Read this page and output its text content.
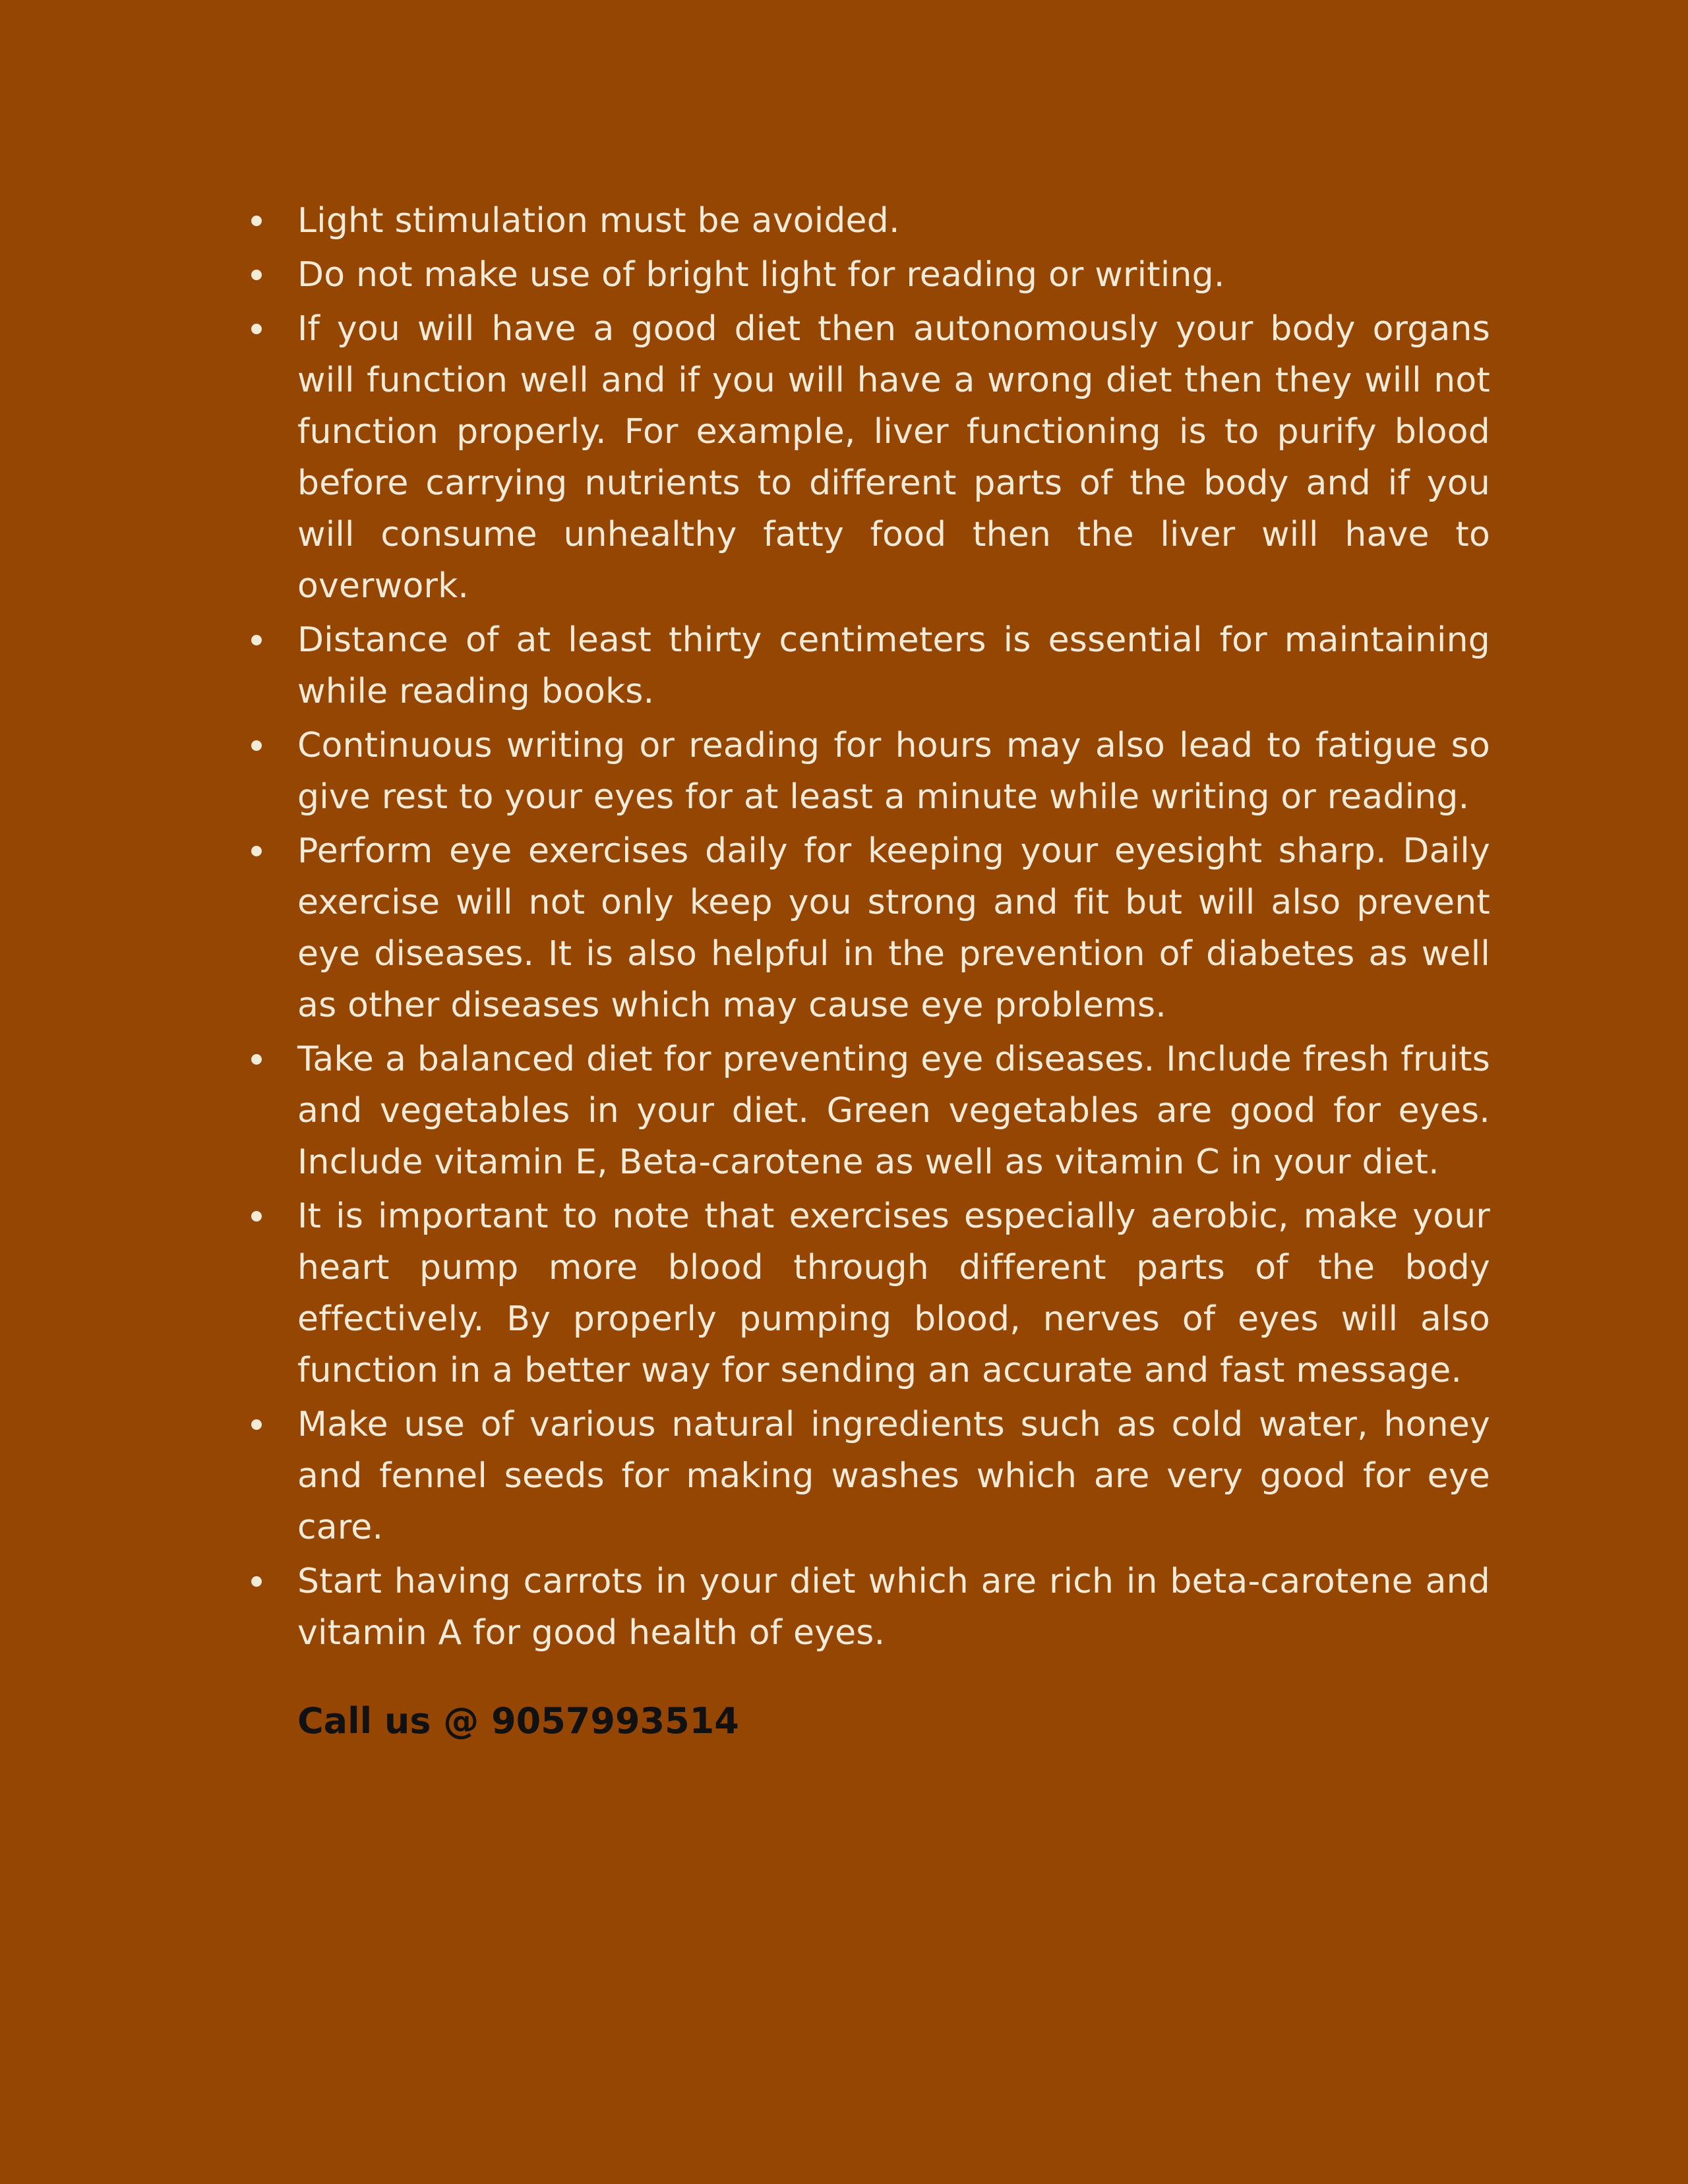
Light stimulation must be avoided.
Do not make use of bright light for reading or writing.
If you will have a good diet then autonomously your body organs will function well and if you will have a wrong diet then they will not function properly. For example, liver functioning is to purify blood before carrying nutrients to different parts of the body and if you will consume unhealthy fatty food then the liver will have to overwork.
Distance of at least thirty centimeters is essential for maintaining while reading books.
Continuous writing or reading for hours may also lead to fatigue so give rest to your eyes for at least a minute while writing or reading.
Perform eye exercises daily for keeping your eyesight sharp. Daily exercise will not only keep you strong and fit but will also prevent eye diseases. It is also helpful in the prevention of diabetes as well as other diseases which may cause eye problems.
Take a balanced diet for preventing eye diseases. Include fresh fruits and vegetables in your diet. Green vegetables are good for eyes. Include vitamin E, Beta-carotene as well as vitamin C in your diet.
It is important to note that exercises especially aerobic, make your heart pump more blood through different parts of the body effectively. By properly pumping blood, nerves of eyes will also function in a better way for sending an accurate and fast message.
Make use of various natural ingredients such as cold water, honey and fennel seeds for making washes which are very good for eye care.
Start having carrots in your diet which are rich in beta-carotene and vitamin A for good health of eyes.
Call us @ 9057993514
